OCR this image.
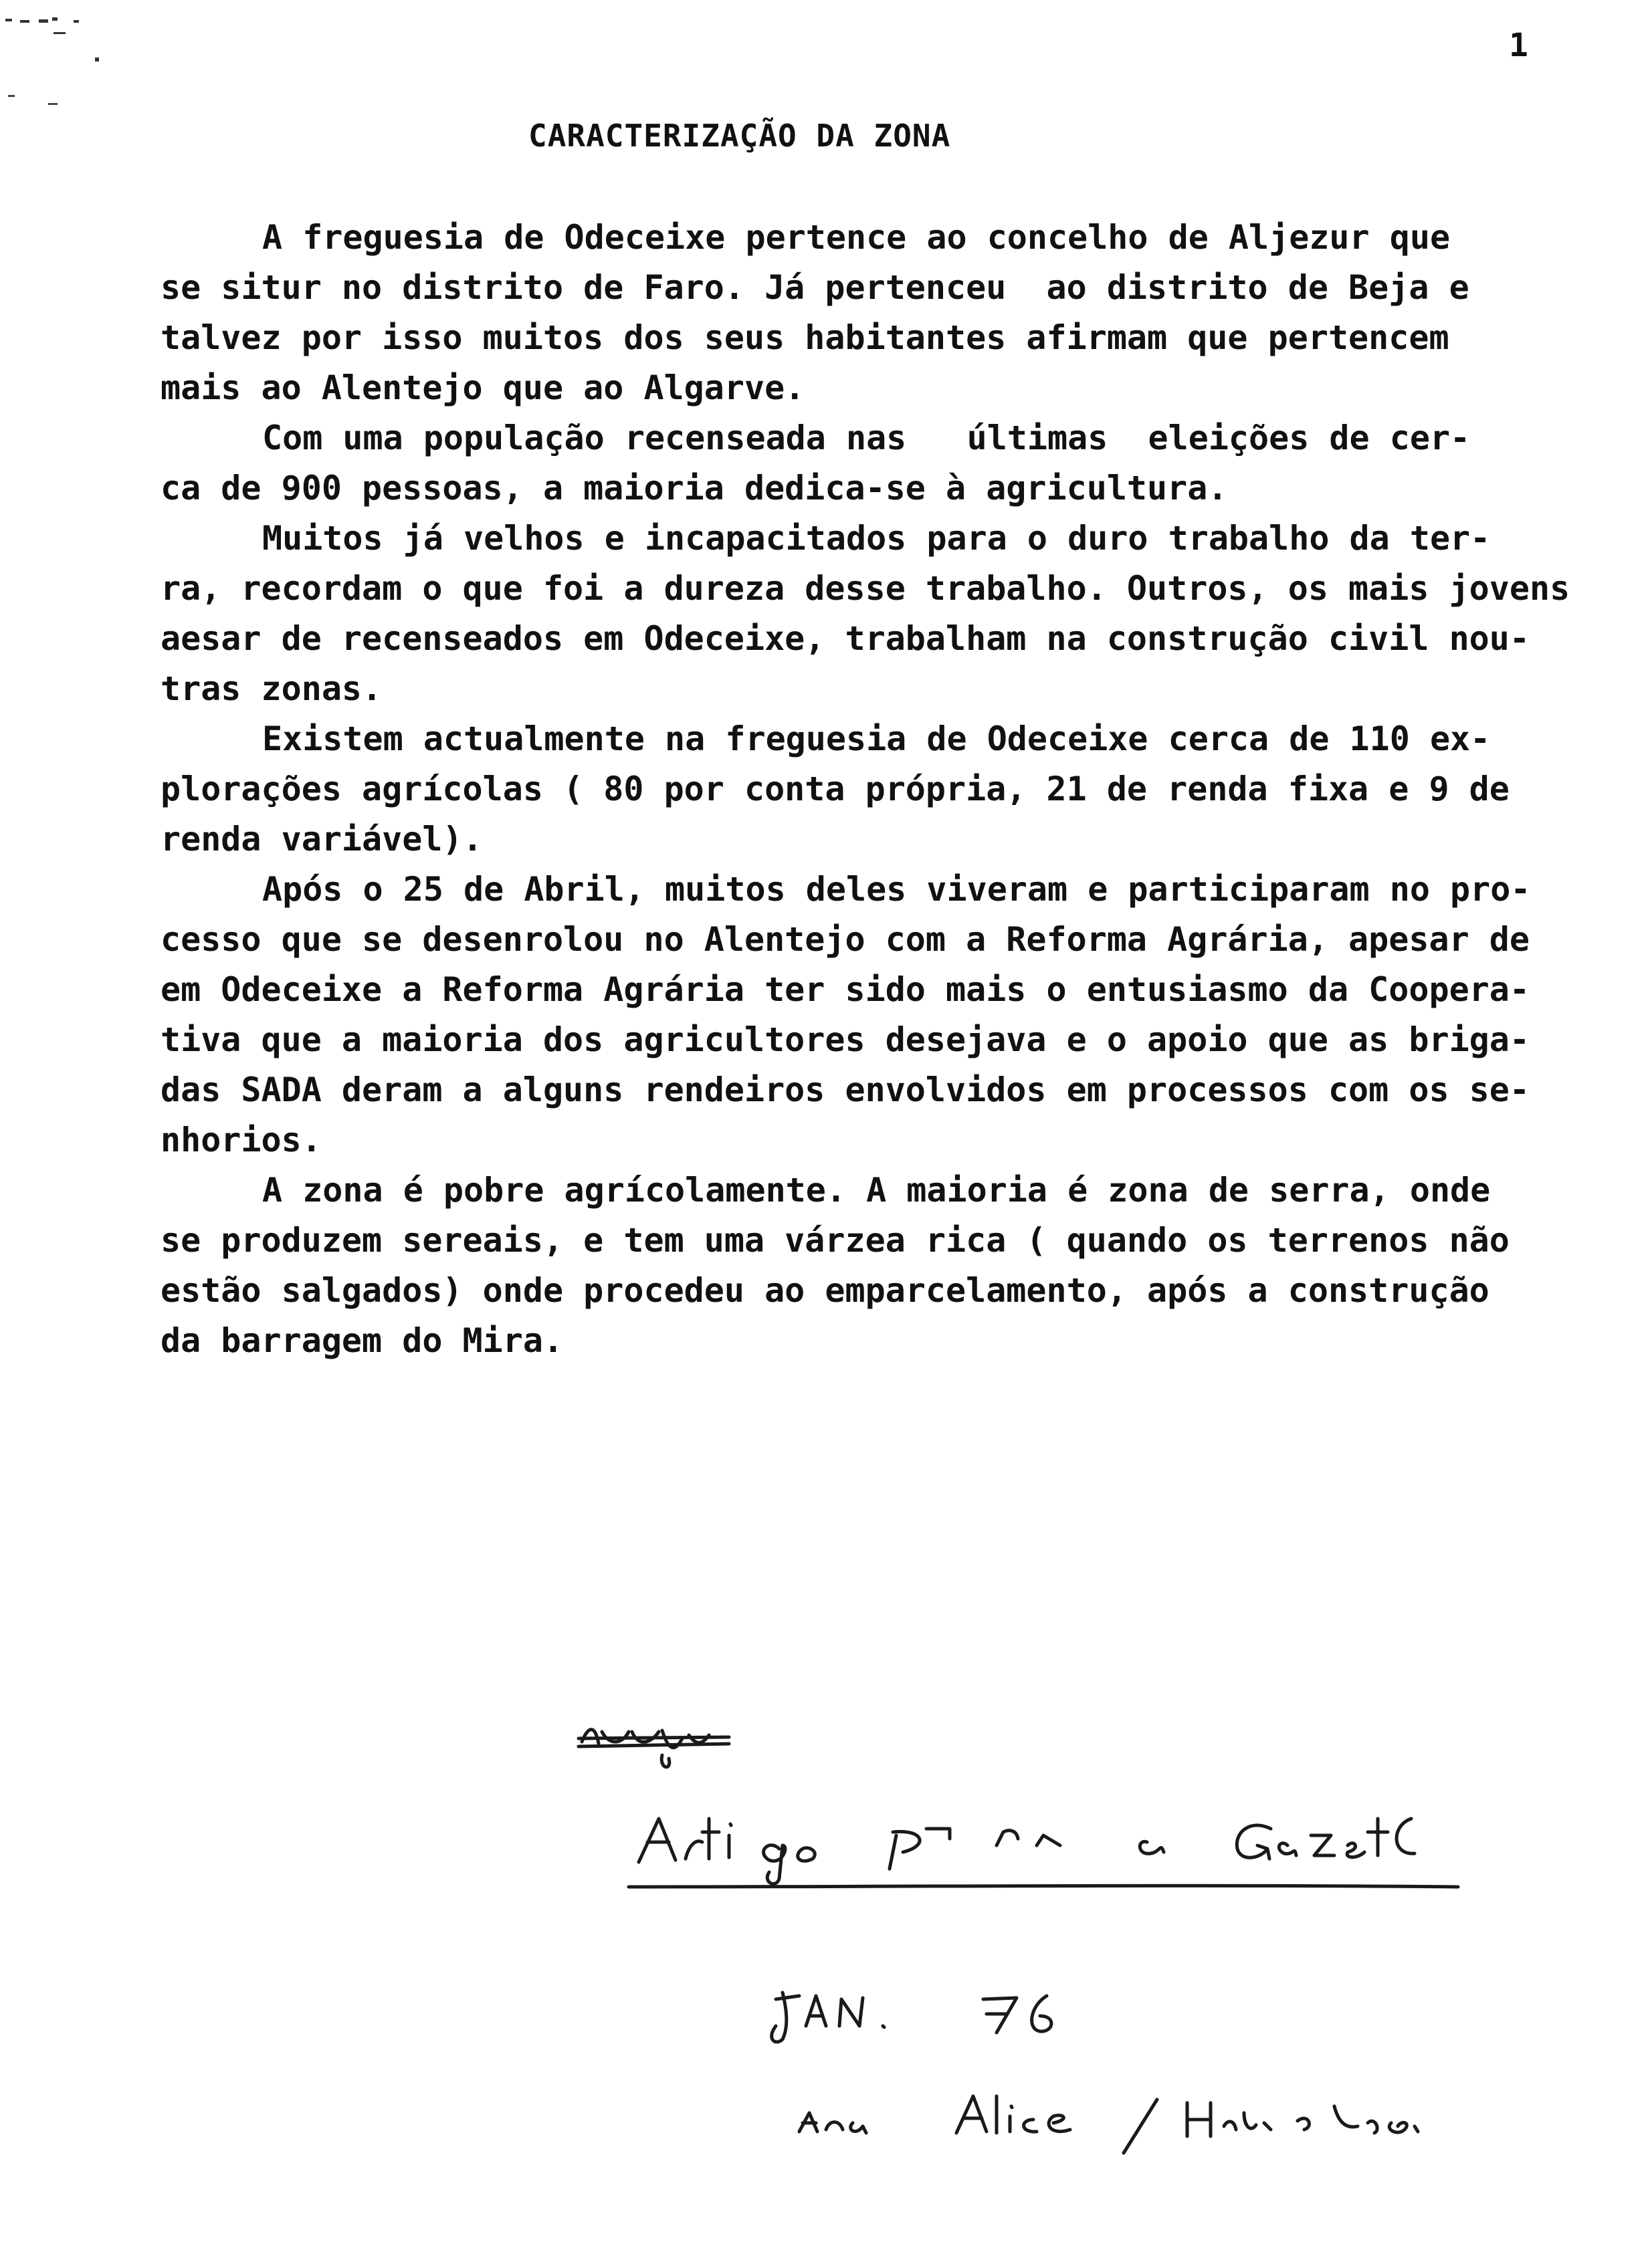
1
CARACTERIZAÇÃO DA ZONA
A freguesia de Odeceixe pertence ao concelho de Aljezur que
se situr no distrito de Faro. Já pertenceu  ao distrito de Beja e
talvez por isso muitos dos seus habitantes afirmam que pertencem
mais ao Alentejo que ao Algarve.
Com uma população recenseada nas   últimas  eleições de cer-
ca de 900 pessoas, a maioria dedica-se à agricultura.
Muitos já velhos e incapacitados para o duro trabalho da ter-
ra, recordam o que foi a dureza desse trabalho. Outros, os mais jovens
aesar de recenseados em Odeceixe, trabalham na construção civil nou-
tras zonas.
Existem actualmente na freguesia de Odeceixe cerca de 110 ex-
plorações agrícolas ( 80 por conta própria, 21 de renda fixa e 9 de
renda variável).
Após o 25 de Abril, muitos deles viveram e participaram no pro-
cesso que se desenrolou no Alentejo com a Reforma Agrária, apesar de
em Odeceixe a Reforma Agrária ter sido mais o entusiasmo da Coopera-
tiva que a maioria dos agricultores desejava e o apoio que as briga-
das SADA deram a alguns rendeiros envolvidos em processos com os se-
nhorios.
A zona é pobre agrícolamente. A maioria é zona de serra, onde
se produzem sereais, e tem uma várzea rica ( quando os terrenos não
estão salgados) onde procedeu ao emparcelamento, após a construção
da barragem do Mira.
